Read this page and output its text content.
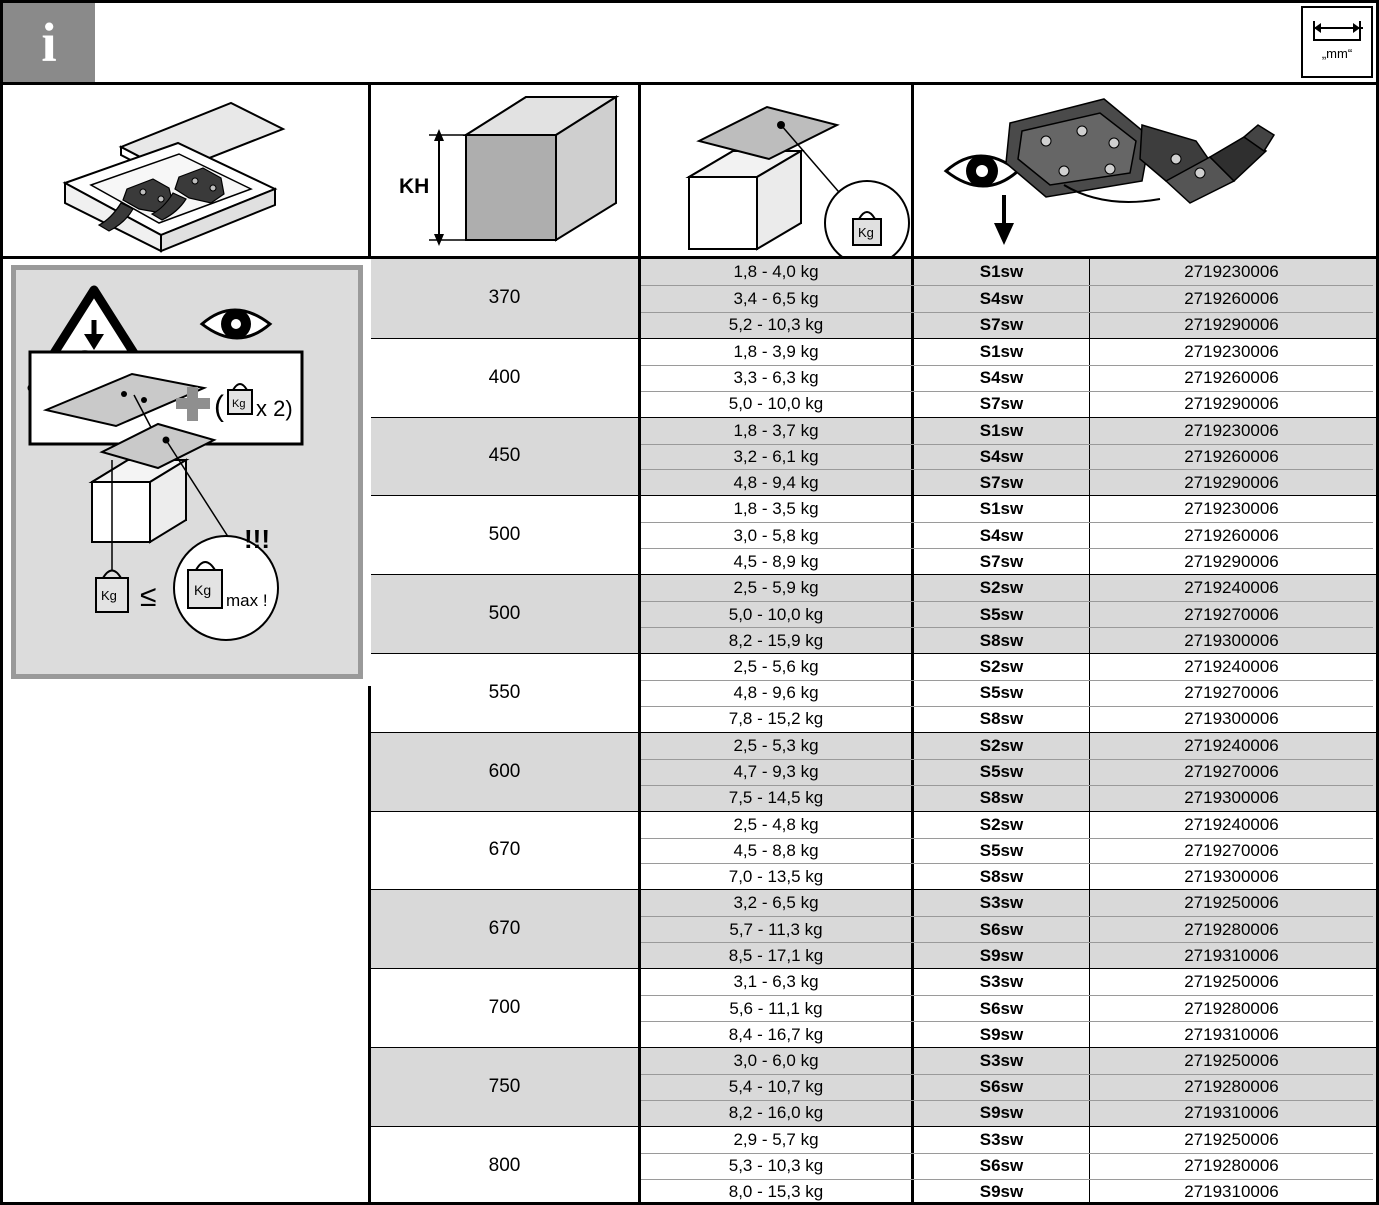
i	„mm“
KH
Kg
( Kg x 2)
Kg ≤	Kg
max !
!!!
370
1,8 - 4,0 kg	S1sw	2719230006
3,4 - 6,5 kg	S4sw	2719260006
5,2 - 10,3 kg	S7sw	2719290006
400
1,8 - 3,9 kg	S1sw	2719230006
3,3 - 6,3 kg	S4sw	2719260006
5,0 - 10,0 kg	S7sw	2719290006
450
1,8 - 3,7 kg	S1sw	2719230006
3,2 - 6,1 kg	S4sw	2719260006
4,8 - 9,4 kg	S7sw	2719290006
500
1,8 - 3,5 kg	S1sw	2719230006
3,0 - 5,8 kg	S4sw	2719260006
4,5 - 8,9 kg	S7sw	2719290006
500
2,5 - 5,9 kg	S2sw	2719240006
5,0 - 10,0 kg	S5sw	2719270006
8,2 - 15,9 kg	S8sw	2719300006
550
2,5 - 5,6 kg	S2sw	2719240006
4,8 - 9,6 kg	S5sw	2719270006
7,8 - 15,2 kg	S8sw	2719300006
600
2,5 - 5,3 kg	S2sw	2719240006
4,7 - 9,3 kg	S5sw	2719270006
7,5 - 14,5 kg	S8sw	2719300006
670
2,5 - 4,8 kg	S2sw	2719240006
4,5 - 8,8 kg	S5sw	2719270006
7,0 - 13,5 kg	S8sw	2719300006
670
3,2 - 6,5 kg	S3sw	2719250006
5,7 - 11,3 kg	S6sw	2719280006
8,5 - 17,1 kg	S9sw	2719310006
700
3,1 - 6,3 kg	S3sw	2719250006
5,6 - 11,1 kg	S6sw	2719280006
8,4 - 16,7 kg	S9sw	2719310006
750
3,0 - 6,0 kg	S3sw	2719250006
5,4 - 10,7 kg	S6sw	2719280006
8,2 - 16,0 kg	S9sw	2719310006
800
2,9 - 5,7 kg	S3sw	2719250006
5,3 - 10,3 kg	S6sw	2719280006
8,0 - 15,3 kg	S9sw	2719310006
